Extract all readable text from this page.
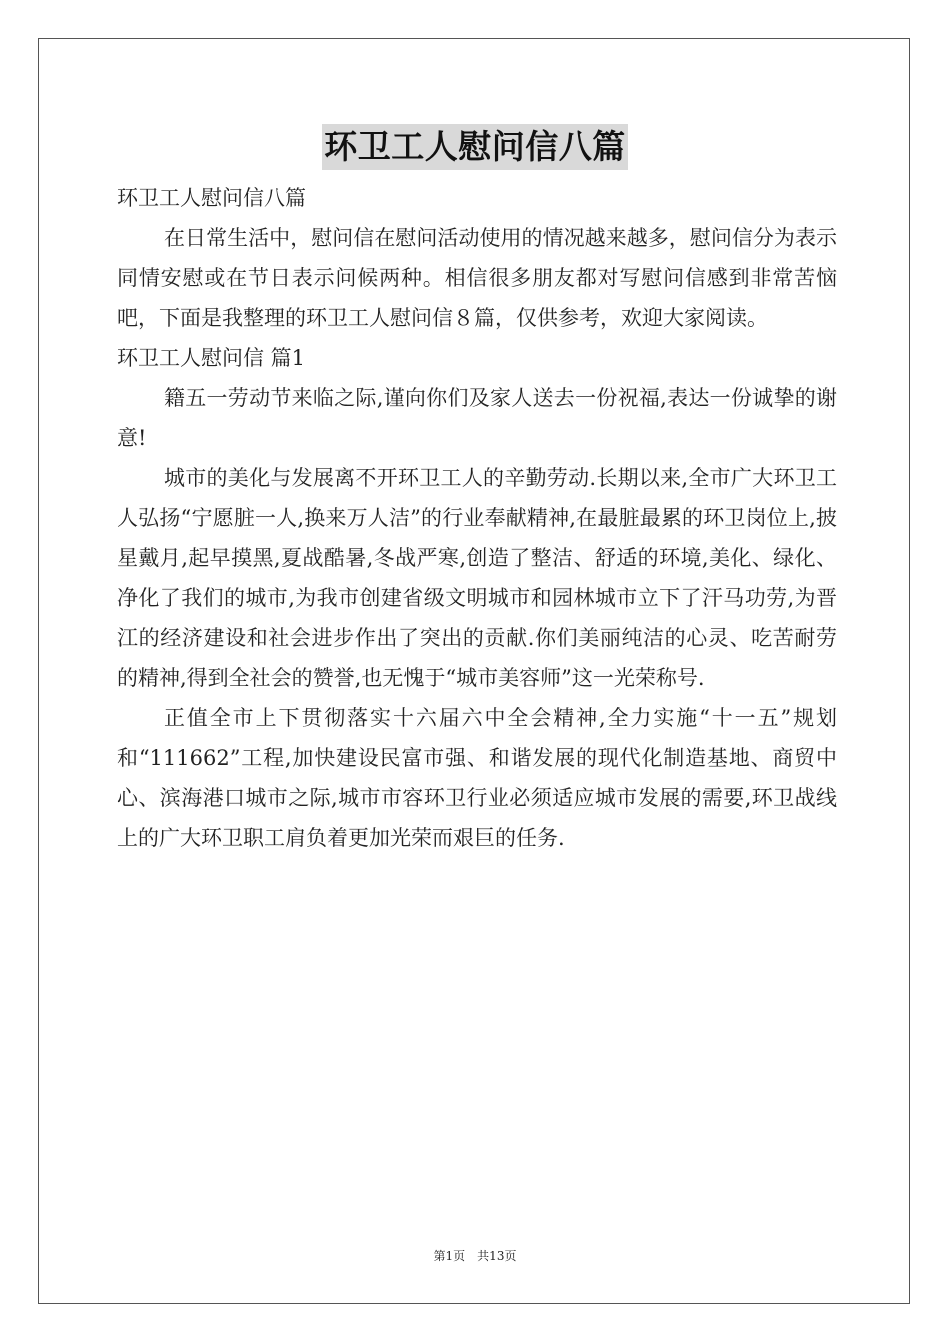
环卫工人慰问信八篇

环卫工人慰问信八篇

在日常生活中，慰问信在慰问活动使用的情况越来越多，慰问信分为表示同情安慰或在节日表示问候两种。相信很多朋友都对写慰问信感到非常苦恼吧，下面是我整理的环卫工人慰问信８篇，仅供参考，欢迎大家阅读。

环卫工人慰问信 篇1

籍五一劳动节来临之际,谨向你们及家人送去一份祝福,表达一份诚挚的谢意!

城市的美化与发展离不开环卫工人的辛勤劳动.长期以来,全市广大环卫工人弘扬“宁愿脏一人,换来万人洁”的行业奉献精神,在最脏最累的环卫岗位上,披星戴月,起早摸黑,夏战酷暑,冬战严寒,创造了整洁、舒适的环境,美化、绿化、净化了我们的城市,为我市创建省级文明城市和园林城市立下了汗马功劳,为晋江的经济建设和社会进步作出了突出的贡献.你们美丽纯洁的心灵、吃苦耐劳的精神,得到全社会的赞誉,也无愧于“城市美容师”这一光荣称号.

正值全市上下贯彻落实十六届六中全会精神,全力实施“十一五”规划和“111662”工程,加快建设民富市强、和谐发展的现代化制造基地、商贸中心、滨海港口城市之际,城市市容环卫行业必须适应城市发展的需要,环卫战线上的广大环卫职工肩负着更加光荣而艰巨的任务.

第1页　共13页
